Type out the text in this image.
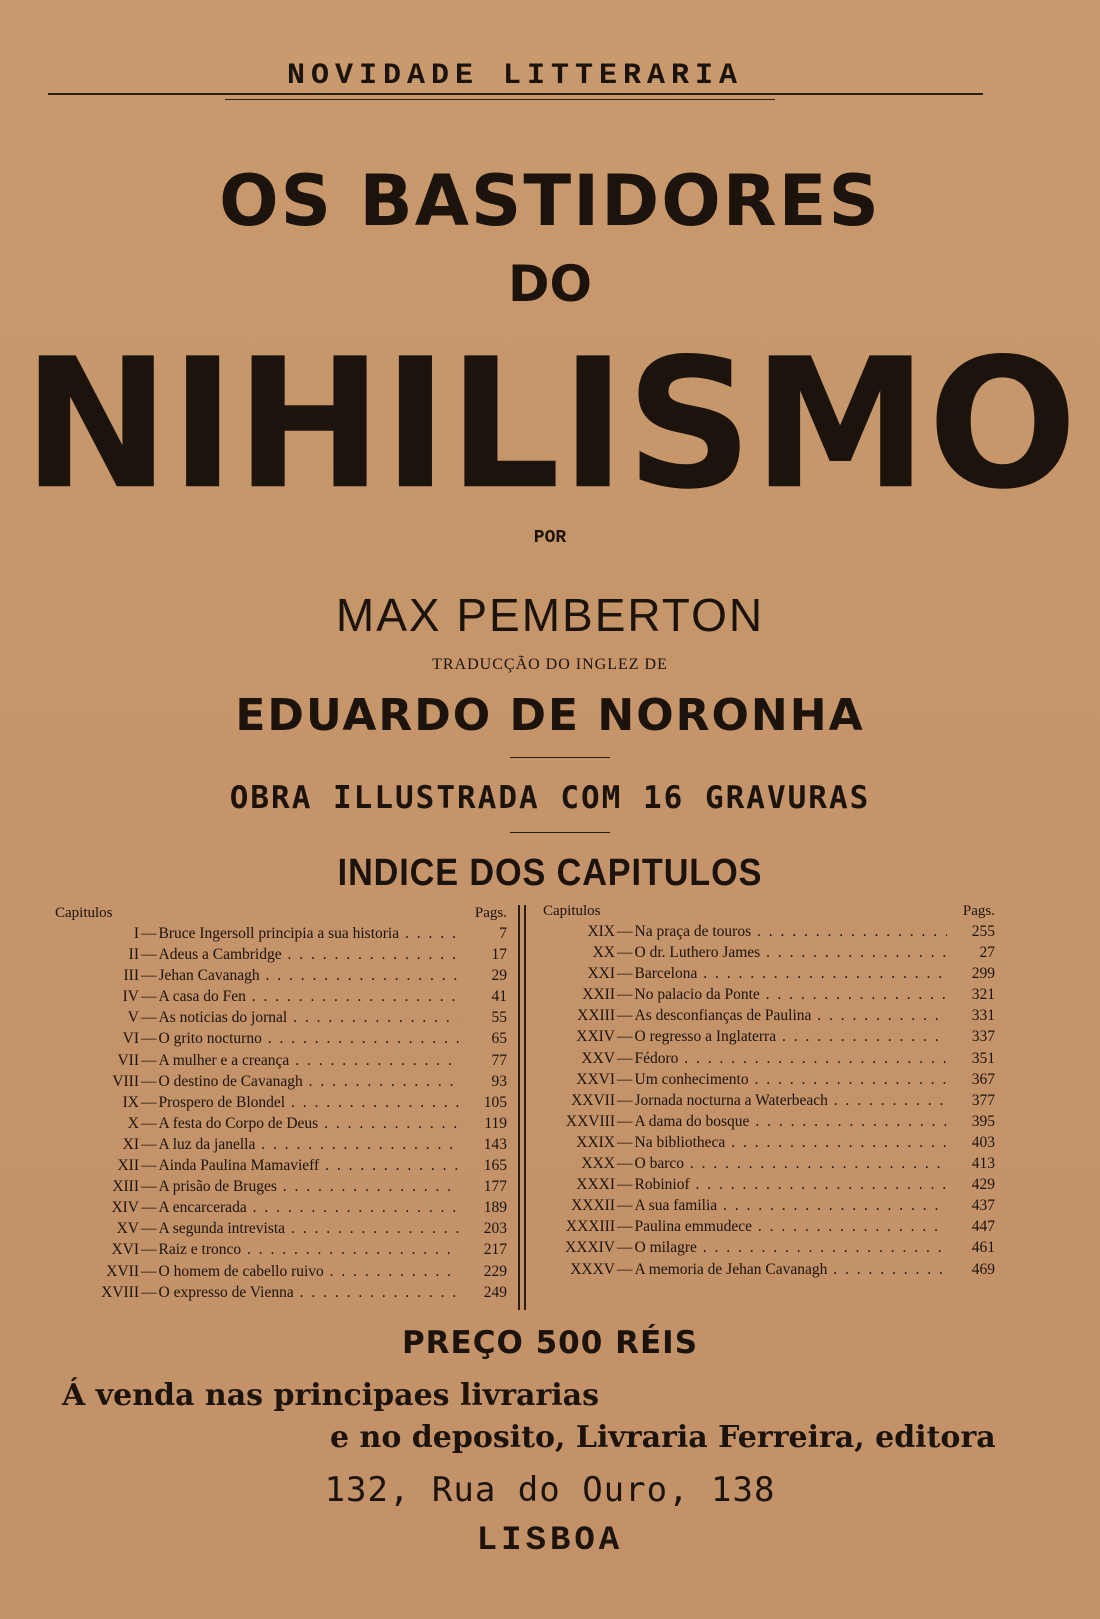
NOVIDADE LITTERARIA
OS BASTIDORES
DO
NIHILISMO
POR
MAX PEMBERTON
TRADUCÇÃO DO INGLEZ DE
EDUARDO DE NORONHA
OBRA ILLUSTRADA COM 16 GRAVURAS
INDICE DOS CAPITULOS
Capitulos	Pags.
I — Bruce Ingersoll principia a sua historia . . .	7
II — Adeus a Cambridge . . .	17
III — Jehan Cavanagh . . .	29
IV — A casa do Fen . . .	41
V — As noticias do jornal . . .	55
VI — O grito nocturno . . .	65
VII — A mulher e a creança . . .	77
VIII — O destino de Cavanagh . . .	93
IX — Prospero de Blondel . . .	105
X — A festa do Corpo de Deus . . .	119
XI — A luz da janella . . .	143
XII — Ainda Paulina Mamavieff . . .	165
XIII — A prisão de Bruges . . .	177
XIV — A encarcerada . . .	189
XV — A segunda intrevista . . .	203
XVI — Raiz e tronco . . .	217
XVII — O homem de cabello ruivo . . .	229
XVIII — O expresso de Vienna . . .	249
Capitulos	Pags.
XIX — Na praça de touros . . .	255
XX — O dr. Luthero James . . .	27
XXI — Barcelona . . .	299
XXII — No palacio da Ponte . . .	321
XXIII — As desconfianças de Paulina . . .	331
XXIV — O regresso a Inglaterra . . .	337
XXV — Fédoro . . .	351
XXVI — Um conhecimento . . .	367
XXVII — Jornada nocturna a Waterbeach . . .	377
XXVIII — A dama do bosque . . .	395
XXIX — Na bibliotheca . . .	403
XXX — O barco . . .	413
XXXI — Robiniof . . .	429
XXXII — A sua familia . . .	437
XXXIII — Paulina emmudece . . .	447
XXXIV — O milagre . . .	461
XXXV — A memoria de Jehan Cavanagh . . .	469
PREÇO 500 RÉIS
Á venda nas principaes livrarias
e no deposito, Livraria Ferreira, editora
132, Rua do Ouro, 138
LISBOA
